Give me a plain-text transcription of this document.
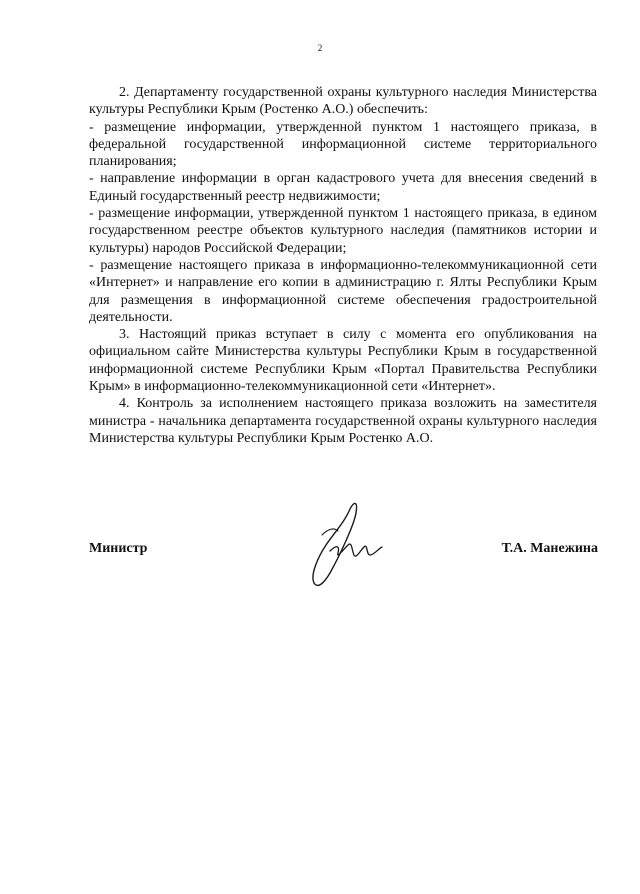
2

2. Департаменту государственной охраны культурного наследия Министерства культуры Республики Крым (Ростенко А.О.) обеспечить:

- размещение информации, утвержденной пунктом 1 настоящего приказа, в федеральной государственной информационной системе территориального планирования;

- направление информации в орган кадастрового учета для внесения сведений в Единый государственный реестр недвижимости;

- размещение информации, утвержденной пунктом 1 настоящего приказа, в едином государственном реестре объектов культурного наследия (памятников истории и культуры) народов Российской Федерации;

- размещение настоящего приказа в информационно-телекоммуникационной сети «Интернет» и направление его копии в администрацию г. Ялты Республики Крым для размещения в информационной системе обеспечения градостроительной деятельности.

3. Настоящий приказ вступает в силу с момента его опубликования на официальном сайте Министерства культуры Республики Крым в государственной информационной системе Республики Крым «Портал Правительства Республики Крым» в информационно-телекоммуникационной сети «Интернет».

4. Контроль за исполнением настоящего приказа возложить на заместителя министра - начальника департамента государственной охраны культурного наследия Министерства культуры Республики Крым Ростенко А.О.

Министр	Т.А. Манежина
